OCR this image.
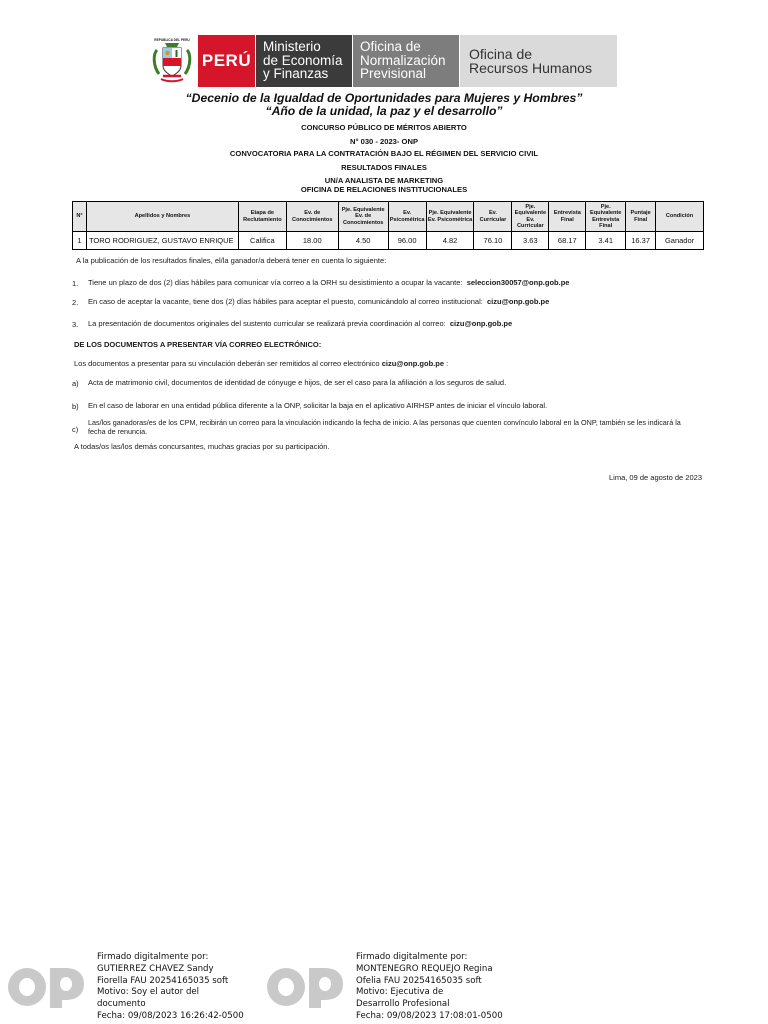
REPUBLICA DEL PERU
PERÚ
Ministerio
de Economía
y Finanzas
Oficina de
Normalización
Previsional
Oficina de
Recursos Humanos
“Decenio de la Igualdad de Oportunidades para Mujeres y Hombres”
“Año de la unidad, la paz y el desarrollo”
CONCURSO PÚBLICO DE MÉRITOS ABIERTO
N° 030 - 2023- ONP
CONVOCATORIA PARA LA CONTRATACIÓN BAJO EL RÉGIMEN DEL SERVICIO CIVIL
RESULTADOS FINALES
UN/A ANALISTA DE MARKETING
OFICINA DE RELACIONES INSTITUCIONALES
N°	Apellidos y Nombres	Etapa de Reclutamiento	Ev. de Conocimientos	Pje. Equivalente Ev. de Conocimientos	Ev. Psicométrica	Pje. Equivalente Ev. Psicométrica	Ev. Curricular	Pje. Equivalente Ev. Curricular	Entrevista Final	Pje. Equivalente Entrevista Final	Puntaje Final	Condición
1	TORO RODRIGUEZ, GUSTAVO ENRIQUE	Califica	18.00	4.50	96.00	4.82	76.10	3.63	68.17	3.41	16.37	Ganador
A la publicación de los resultados finales, el/la ganador/a deberá tener en cuenta lo siguiente:
1. Tiene un plazo de dos (2) días hábiles para comunicar vía correo a la ORH su desistimiento a ocupar la vacante: seleccion30057@onp.gob.pe
2. En caso de aceptar la vacante, tiene dos (2) días hábiles para aceptar el puesto, comunicándolo al correo institucional: cizu@onp.gob.pe
3. La presentación de documentos originales del sustento curricular se realizará previa coordinación al correo: cizu@onp.gob.pe
DE LOS DOCUMENTOS A PRESENTAR VÍA CORREO ELECTRÓNICO:
Los documentos a presentar para su vinculación deberán ser remitidos al correo electrónico cizu@onp.gob.pe :
a) Acta de matrimonio civil, documentos de identidad de cónyuge e hijos, de ser el caso para la afiliación a los seguros de salud.
b) En el caso de laborar en una entidad pública diferente a la ONP, solicitar la baja en el aplicativo AIRHSP antes de iniciar el vínculo laboral.
c)
Las/los ganadoras/es de los CPM, recibirán un correo para la vinculación indicando la fecha de inicio. A las personas que cuenten convínculo laboral en la ONP, también se les indicará la
fecha de renuncia.
A todas/os las/los demás concursantes, muchas gracias por su participación.
Lima, 09 de agosto de 2023
Firmado digitalmente por:
GUTIERREZ CHAVEZ Sandy
Fiorella FAU 20254165035 soft
Motivo: Soy el autor del
documento
Fecha: 09/08/2023 16:26:42-0500
Firmado digitalmente por:
MONTENEGRO REQUEJO Regina
Ofelia FAU 20254165035 soft
Motivo: Ejecutiva de
Desarrollo Profesional
Fecha: 09/08/2023 17:08:01-0500
